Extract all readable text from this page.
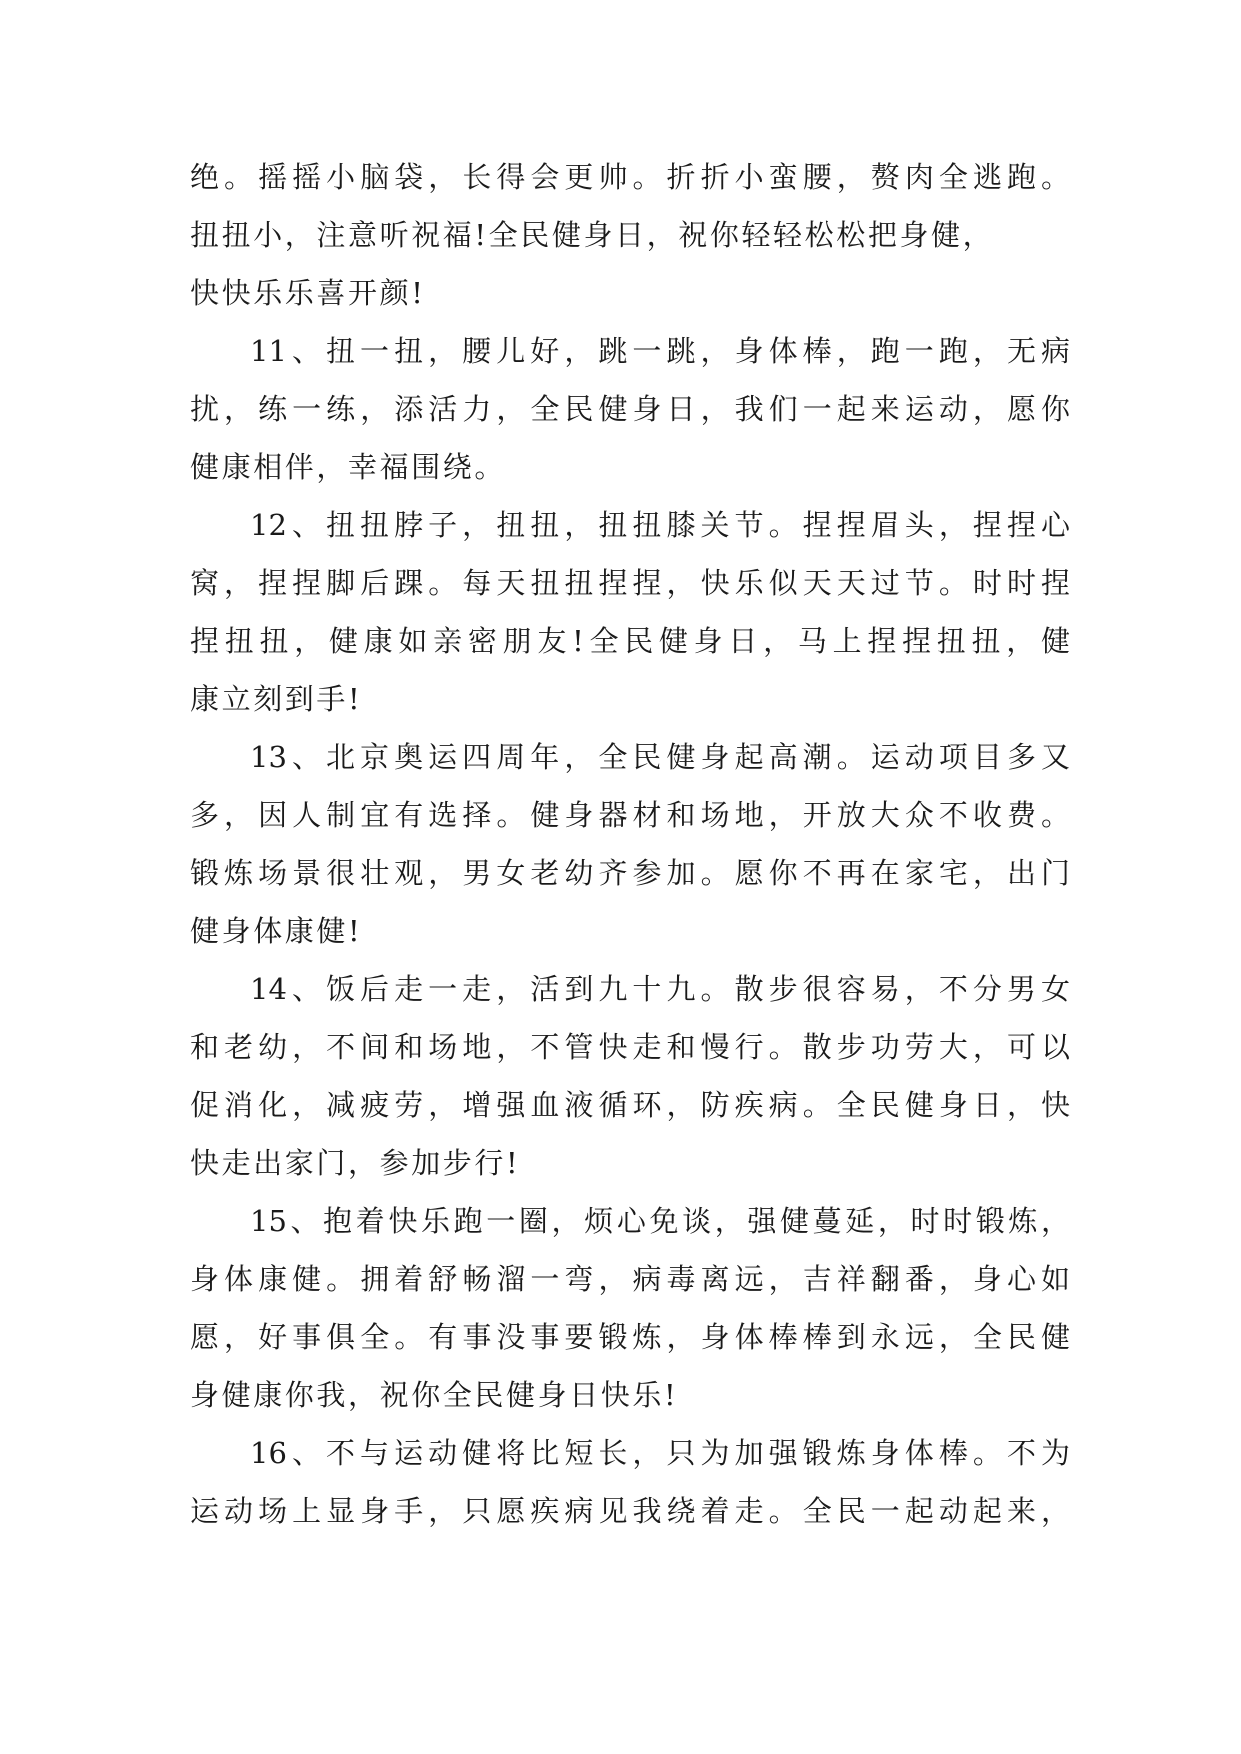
绝。摇摇小脑袋，长得会更帅。折折小蛮腰，赘肉全逃跑。
扭扭小，注意听祝福!全民健身日，祝你轻轻松松把身健，
快快乐乐喜开颜!
11、扭一扭，腰儿好，跳一跳，身体棒，跑一跑，无病
扰，练一练，添活力，全民健身日，我们一起来运动，愿你
健康相伴，幸福围绕。
12、扭扭脖子，扭扭，扭扭膝关节。捏捏眉头，捏捏心
窝，捏捏脚后踝。每天扭扭捏捏，快乐似天天过节。时时捏
捏扭扭，健康如亲密朋友!全民健身日，马上捏捏扭扭，健
康立刻到手!
13、北京奥运四周年，全民健身起高潮。运动项目多又
多，因人制宜有选择。健身器材和场地，开放大众不收费。
锻炼场景很壮观，男女老幼齐参加。愿你不再在家宅，出门
健身体康健!
14、饭后走一走，活到九十九。散步很容易，不分男女
和老幼，不间和场地，不管快走和慢行。散步功劳大，可以
促消化，减疲劳，增强血液循环，防疾病。全民健身日，快
快走出家门，参加步行!
15、抱着快乐跑一圈，烦心免谈，强健蔓延，时时锻炼，
身体康健。拥着舒畅溜一弯，病毒离远，吉祥翻番，身心如
愿，好事俱全。有事没事要锻炼，身体棒棒到永远，全民健
身健康你我，祝你全民健身日快乐!
16、不与运动健将比短长，只为加强锻炼身体棒。不为
运动场上显身手，只愿疾病见我绕着走。全民一起动起来，
